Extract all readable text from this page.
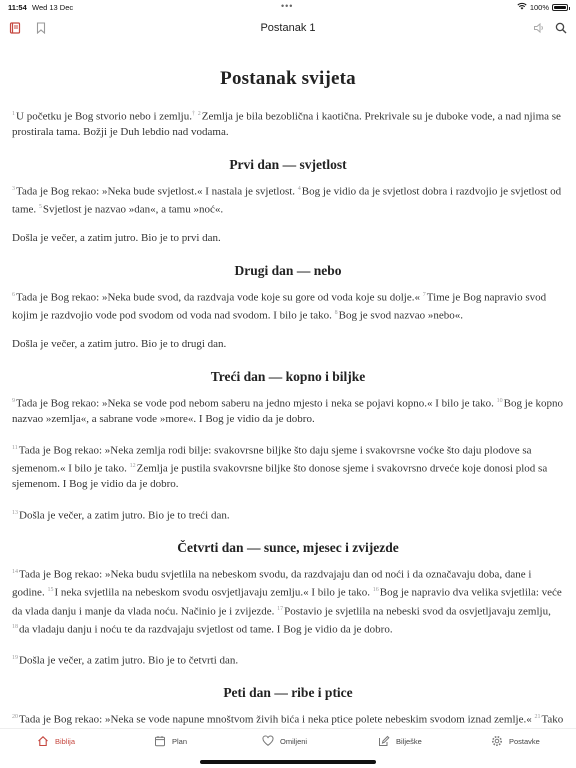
11:54 Wed 13 Dec	•••	100%
Postanak 1
Postanak svijeta

$^1$U početku je Bog stvorio nebo i zemlju.† $^2$Zemlja je bila bezoblična i kaotična. Prekrivale su je duboke vode, a nad njima se prostirala tama. Božji je Duh lebdio nad vodama.

Prvi dan — svjetlost

$^3$Tada je Bog rekao: »Neka bude svjetlost.« I nastala je svjetlost. $^4$Bog je vidio da je svjetlost dobra i razdvojio je svjetlost od tame. $^5$Svjetlost je nazvao »dan«, a tamu »noć«.

Došla je večer, a zatim jutro. Bio je to prvi dan.

Drugi dan — nebo

$^6$Tada je Bog rekao: »Neka bude svod, da razdvaja vode koje su gore od voda koje su dolje.« $^7$Time je Bog napravio svod kojim je razdvojio vode pod svodom od voda nad svodom. I bilo je tako. $^8$Bog je svod nazvao »nebo«.

Došla je večer, a zatim jutro. Bio je to drugi dan.

Treći dan — kopno i biljke

$^9$Tada je Bog rekao: »Neka se vode pod nebom saberu na jedno mjesto i neka se pojavi kopno.« I bilo je tako. $^{10}$Bog je kopno nazvao »zemlja«, a sabrane vode »more«. I Bog je vidio da je dobro.

$^{11}$Tada je Bog rekao: »Neka zemlja rodi bilje: svakovrsne biljke što daju sjeme i svakovrsne voćke što daju plodove sa sjemenom.« I bilo je tako. $^{12}$Zemlja je pustila svakovrsne biljke što donose sjeme i svakovrsno drveće koje donosi plod sa sjemenom. I Bog je vidio da je dobro.

$^{13}$Došla je večer, a zatim jutro. Bio je to treći dan.

Četvrti dan — sunce, mjesec i zvijezde

$^{14}$Tada je Bog rekao: »Neka budu svjetlila na nebeskom svodu, da razdvajaju dan od noći i da označavaju doba, dane i godine. $^{15}$I neka svjetlila na nebeskom svodu osvjetljavaju zemlju.« I bilo je tako. $^{16}$Bog je napravio dva velika svjetlila: veće da vlada danju i manje da vlada noću. Načinio je i zvijezde. $^{17}$Postavio je svjetlila na nebeski svod da osvjetljavaju zemlju, $^{18}$da vladaju danju i noću te da razdvajaju svjetlost od tame. I Bog je vidio da je dobro.

$^{19}$Došla je večer, a zatim jutro. Bio je to četvrti dan.

Peti dan — ribe i ptice

$^{20}$Tada je Bog rekao: »Neka se vode napune mnoštvom živih bića i neka ptice polete nebeskim svodom iznad zemlje.« $^{21}$Tako

Biblija	Plan	Omiljeni	Bilješke	Postavke
